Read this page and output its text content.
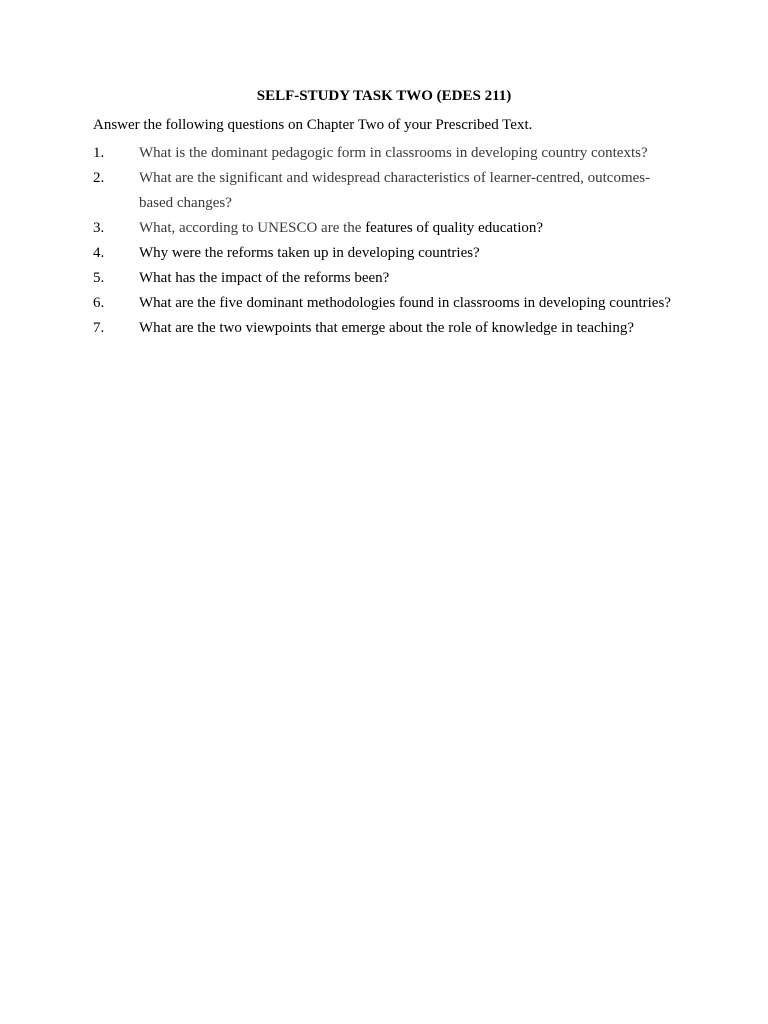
SELF-STUDY TASK TWO (EDES 211)
Answer the following questions on Chapter Two of your Prescribed Text.
1. What is the dominant pedagogic form in classrooms in developing country contexts?
2. What are the significant and widespread characteristics of learner-centred, outcomes-based changes?
3. What, according to UNESCO are the features of quality education?
4. Why were the reforms taken up in developing countries?
5. What has the impact of the reforms been?
6. What are the five dominant methodologies found in classrooms in developing countries?
7. What are the two viewpoints that emerge about the role of knowledge in teaching?
